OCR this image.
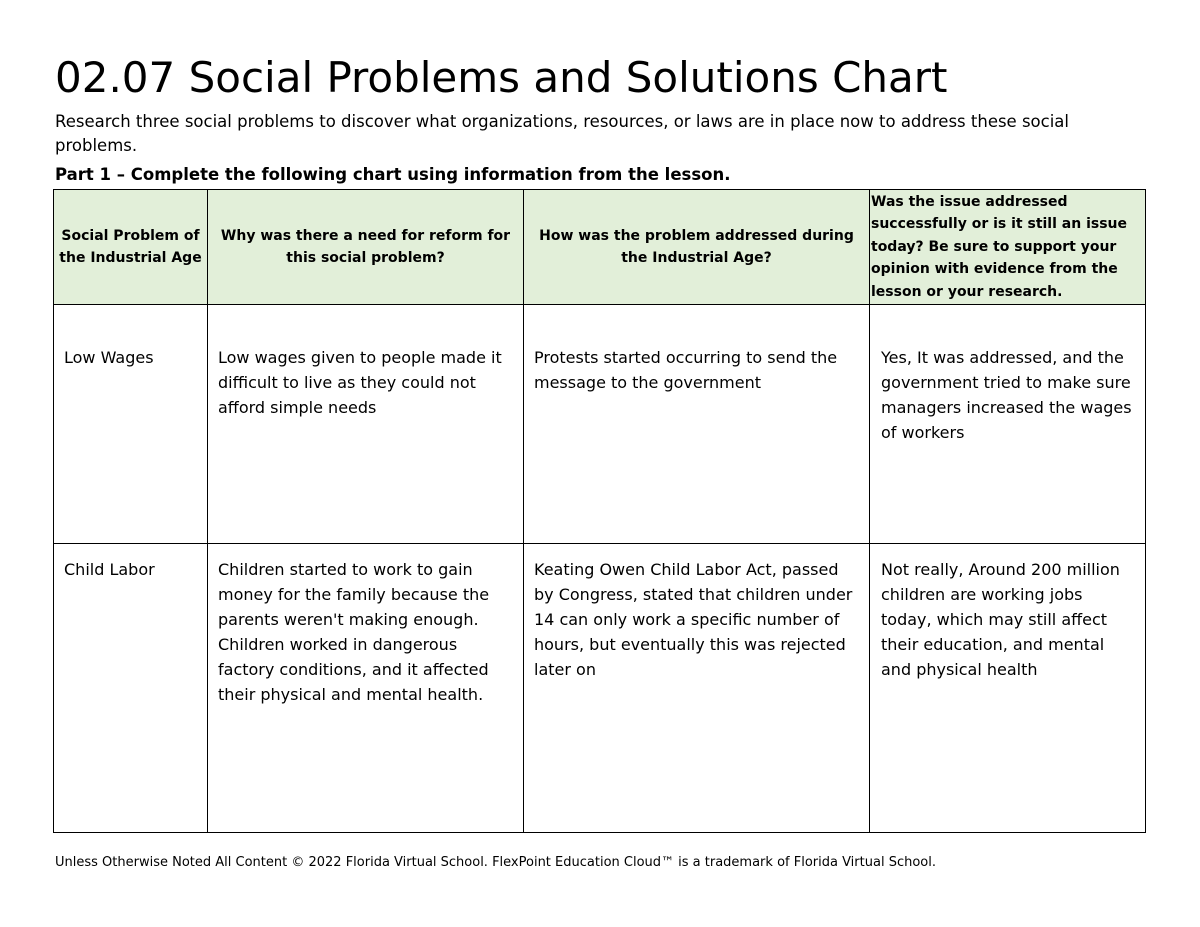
02.07 Social Problems and Solutions Chart
Research three social problems to discover what organizations, resources, or laws are in place now to address these social problems.
Part 1 – Complete the following chart using information from the lesson.
Social Problem of the Industrial Age	Why was there a need for reform for this social problem?	How was the problem addressed during the Industrial Age?	Was the issue addressed successfully or is it still an issue today? Be sure to support your opinion with evidence from the lesson or your research.

Low Wages	Low wages given to people made it difficult to live as they could not afford simple needs	Protests started occurring to send the message to the government	Yes, It was addressed, and the government tried to make sure managers increased the wages of workers

Child Labor	Children started to work to gain money for the family because the parents weren't making enough. Children worked in dangerous factory conditions, and it affected their physical and mental health.	Keating Owen Child Labor Act, passed by Congress, stated that children under 14 can only work a specific number of hours, but eventually this was rejected later on	Not really, Around 200 million children are working jobs today, which may still affect their education, and mental and physical health
Unless Otherwise Noted All Content © 2022 Florida Virtual School. FlexPoint Education Cloud™ is a trademark of Florida Virtual School.
